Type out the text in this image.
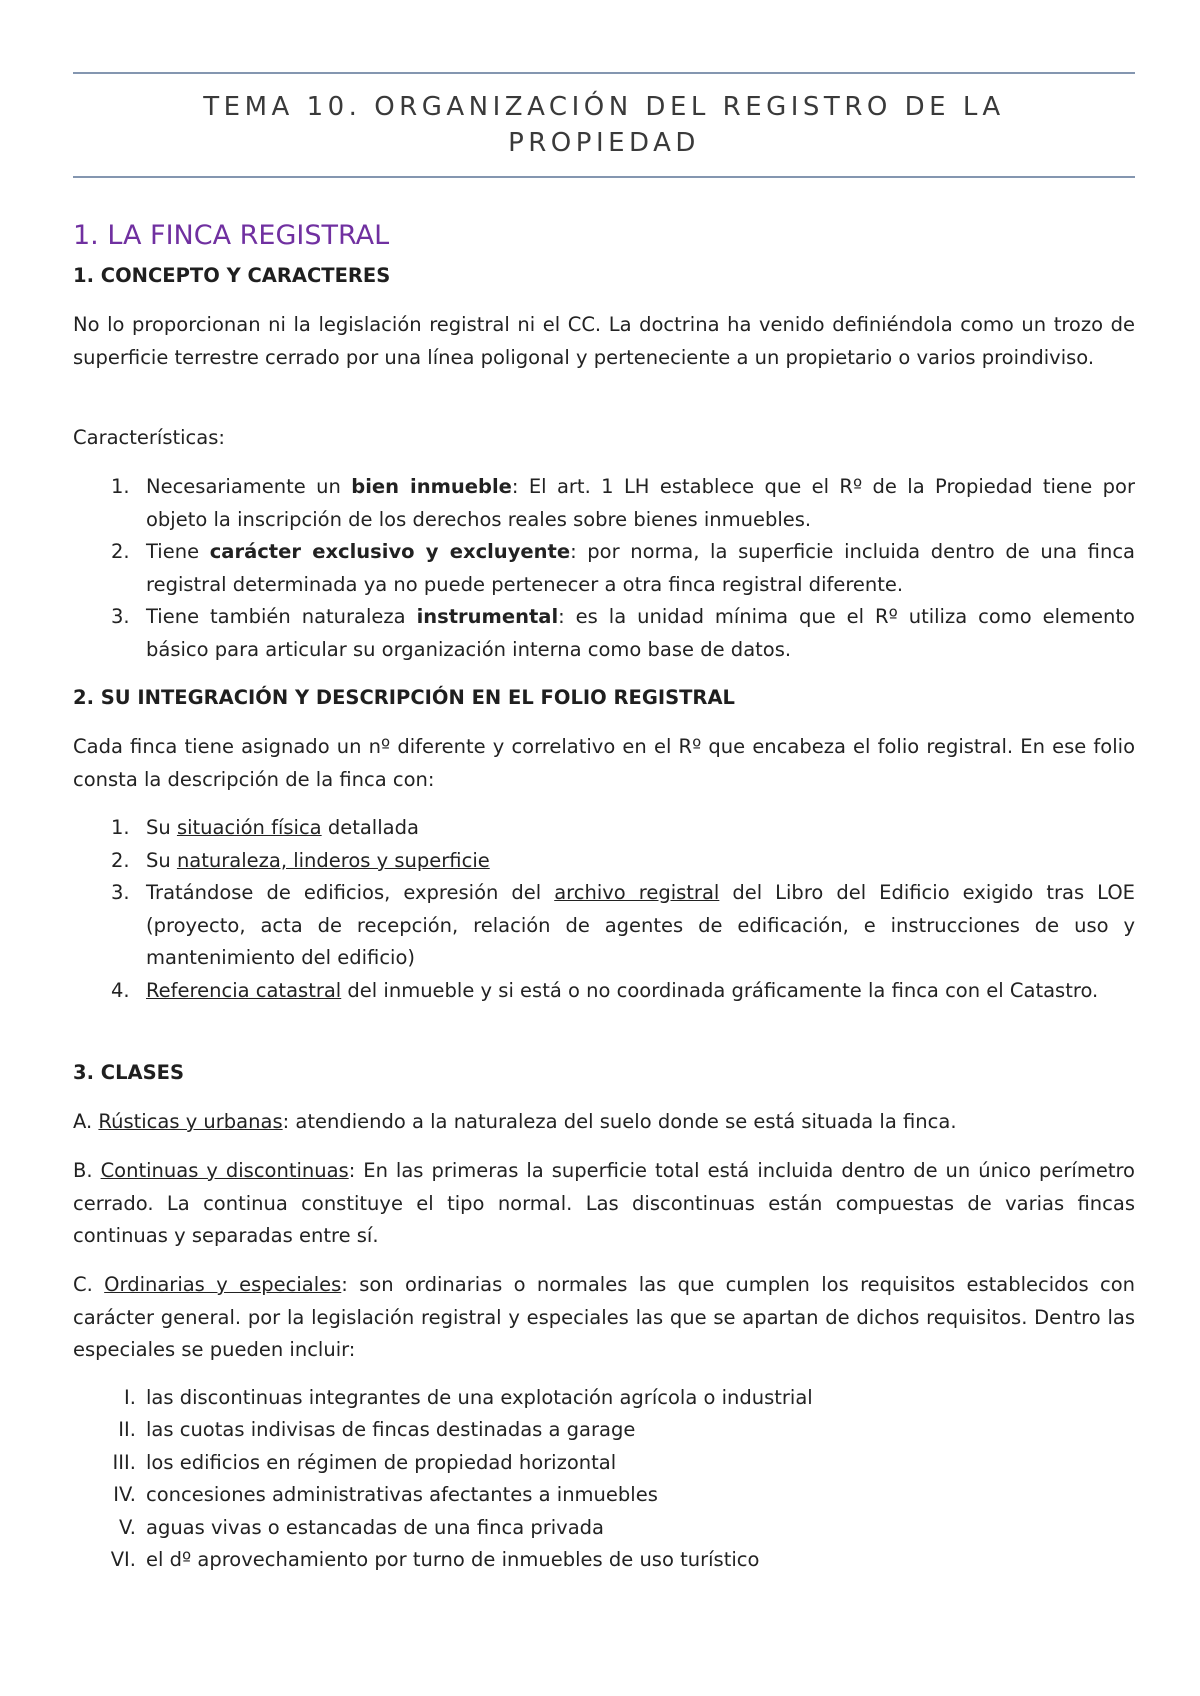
TEMA 10. ORGANIZACIÓN DEL REGISTRO DE LA
PROPIEDAD
1. LA FINCA REGISTRAL
1. CONCEPTO Y CARACTERES

No lo proporcionan ni la legislación registral ni el CC. La doctrina ha venido definiéndola como un trozo de superficie terrestre cerrado por una línea poligonal y perteneciente a un propietario o varios proindiviso.

Características:

1. Necesariamente un bien inmueble: El art. 1 LH establece que el Rº de la Propiedad tiene por objeto la inscripción de los derechos reales sobre bienes inmuebles.
2. Tiene carácter exclusivo y excluyente: por norma, la superficie incluida dentro de una finca registral determinada ya no puede pertenecer a otra finca registral diferente.
3. Tiene también naturaleza instrumental: es la unidad mínima que el Rº utiliza como elemento básico para articular su organización interna como base de datos.
2. SU INTEGRACIÓN Y DESCRIPCIÓN EN EL FOLIO REGISTRAL

Cada finca tiene asignado un nº diferente y correlativo en el Rº que encabeza el folio registral. En ese folio consta la descripción de la finca con:

1. Su situación física detallada
2. Su naturaleza, linderos y superficie
3. Tratándose de edificios, expresión del archivo registral del Libro del Edificio exigido tras LOE (proyecto, acta de recepción, relación de agentes de edificación, e instrucciones de uso y mantenimiento del edificio)
4. Referencia catastral del inmueble y si está o no coordinada gráficamente la finca con el Catastro.
3. CLASES

A. Rústicas y urbanas: atendiendo a la naturaleza del suelo donde se está situada la finca.

B. Continuas y discontinuas: En las primeras la superficie total está incluida dentro de un único perímetro cerrado. La continua constituye el tipo normal. Las discontinuas están compuestas de varias fincas continuas y separadas entre sí.

C. Ordinarias y especiales: son ordinarias o normales las que cumplen los requisitos establecidos con carácter general. por la legislación registral y especiales las que se apartan de dichos requisitos. Dentro las especiales se pueden incluir:

I. las discontinuas integrantes de una explotación agrícola o industrial
II. las cuotas indivisas de fincas destinadas a garage
III. los edificios en régimen de propiedad horizontal
IV. concesiones administrativas afectantes a inmuebles
V. aguas vivas o estancadas de una finca privada
VI. el dº aprovechamiento por turno de inmuebles de uso turístico
